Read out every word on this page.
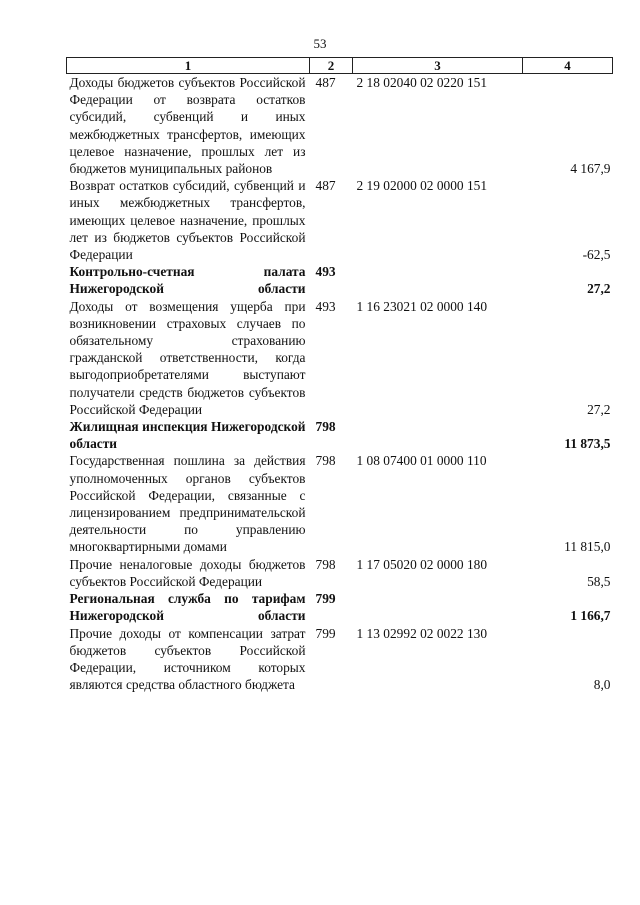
53
1	2	3	4
Доходы бюджетов субъектов Российской Федерации от возврата остатков субсидий, субвенций и иных межбюджетных трансфертов, имеющих целевое назначение, прошлых лет из бюджетов муниципальных районов	487	2 18 02040 02 0220 151	4 167,9
Возврат остатков субсидий, субвенций и иных межбюджетных трансфертов, имеющих целевое назначение, прошлых лет из бюджетов субъектов Российской Федерации	487	2 19 02000 02 0000 151	-62,5
Контрольно-счетная палата Нижегородской области	493		27,2
Доходы от возмещения ущерба при возникновении страховых случаев по обязательному страхованию гражданской ответственности, когда выгодоприобретателями выступают получатели средств бюджетов субъектов Российской Федерации	493	1 16 23021 02 0000 140	27,2
Жилищная инспекция Нижегородской области	798		11 873,5
Государственная пошлина за действия уполномоченных органов субъектов Российской Федерации, связанные с лицензированием предпринимательской деятельности по управлению многоквартирными домами	798	1 08 07400 01 0000 110	11 815,0
Прочие неналоговые доходы бюджетов субъектов Российской Федерации	798	1 17 05020 02 0000 180	58,5
Региональная служба по тарифам Нижегородской области	799		1 166,7
Прочие доходы от компенсации затрат бюджетов субъектов Российской Федерации, источником которых являются средства областного бюджета	799	1 13 02992 02 0022 130	8,0
